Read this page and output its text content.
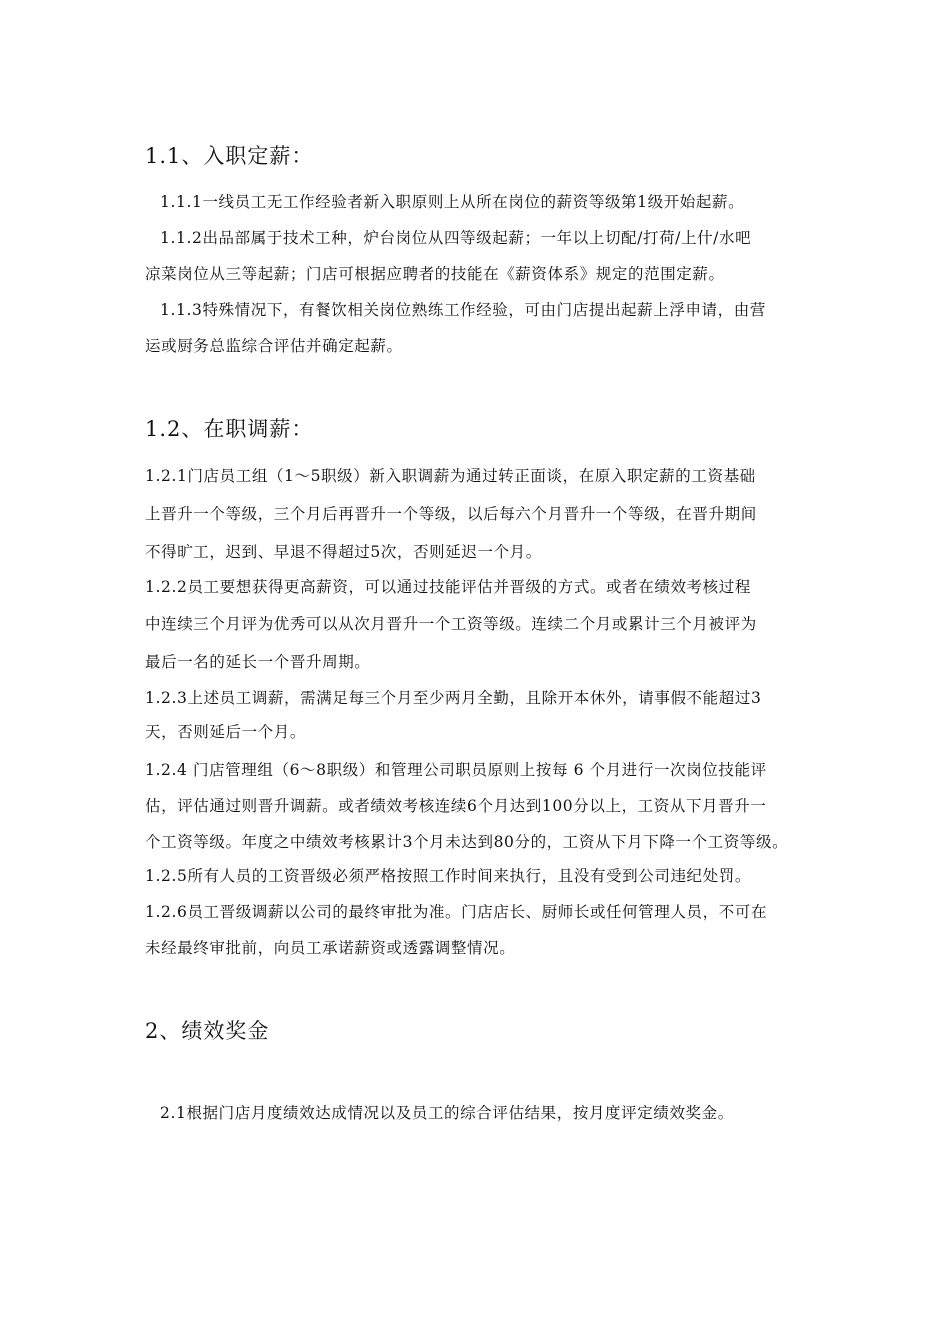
1.1、入职定薪：
1.1.1一线员工无工作经验者新入职原则上从所在岗位的薪资等级第1级开始起薪。
1.1.2出品部属于技术工种，炉台岗位从四等级起薪；一年以上切配/打荷/上什/水吧
凉菜岗位从三等起薪；门店可根据应聘者的技能在《薪资体系》规定的范围定薪。
1.1.3特殊情况下，有餐饮相关岗位熟练工作经验，可由门店提出起薪上浮申请，由营
运或厨务总监综合评估并确定起薪。
1.2、在职调薪：
1.2.1门店员工组（1～5职级）新入职调薪为通过转正面谈，在原入职定薪的工资基础
上晋升一个等级，三个月后再晋升一个等级，以后每六个月晋升一个等级，在晋升期间
不得旷工，迟到、早退不得超过5次，否则延迟一个月。
1.2.2员工要想获得更高薪资，可以通过技能评估并晋级的方式。或者在绩效考核过程
中连续三个月评为优秀可以从次月晋升一个工资等级。连续二个月或累计三个月被评为
最后一名的延长一个晋升周期。
1.2.3上述员工调薪，需满足每三个月至少两月全勤，且除开本休外，请事假不能超过3
天，否则延后一个月。
1.2.4 门店管理组（6～8职级）和管理公司职员原则上按每 6 个月进行一次岗位技能评
估，评估通过则晋升调薪。或者绩效考核连续6个月达到100分以上，工资从下月晋升一
个工资等级。年度之中绩效考核累计3个月未达到80分的，工资从下月下降一个工资等级。
1.2.5所有人员的工资晋级必须严格按照工作时间来执行，且没有受到公司违纪处罚。
1.2.6员工晋级调薪以公司的最终审批为准。门店店长、厨师长或任何管理人员，不可在
未经最终审批前，向员工承诺薪资或透露调整情况。
2、绩效奖金
2.1根据门店月度绩效达成情况以及员工的综合评估结果，按月度评定绩效奖金。
